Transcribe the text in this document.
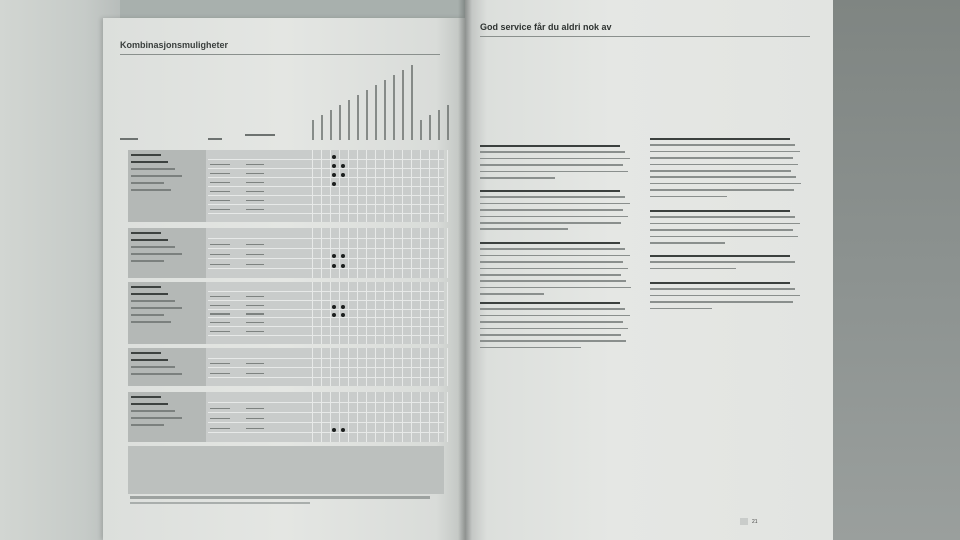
Kombinasjonsmuligheter
God service får du aldri nok av
21
